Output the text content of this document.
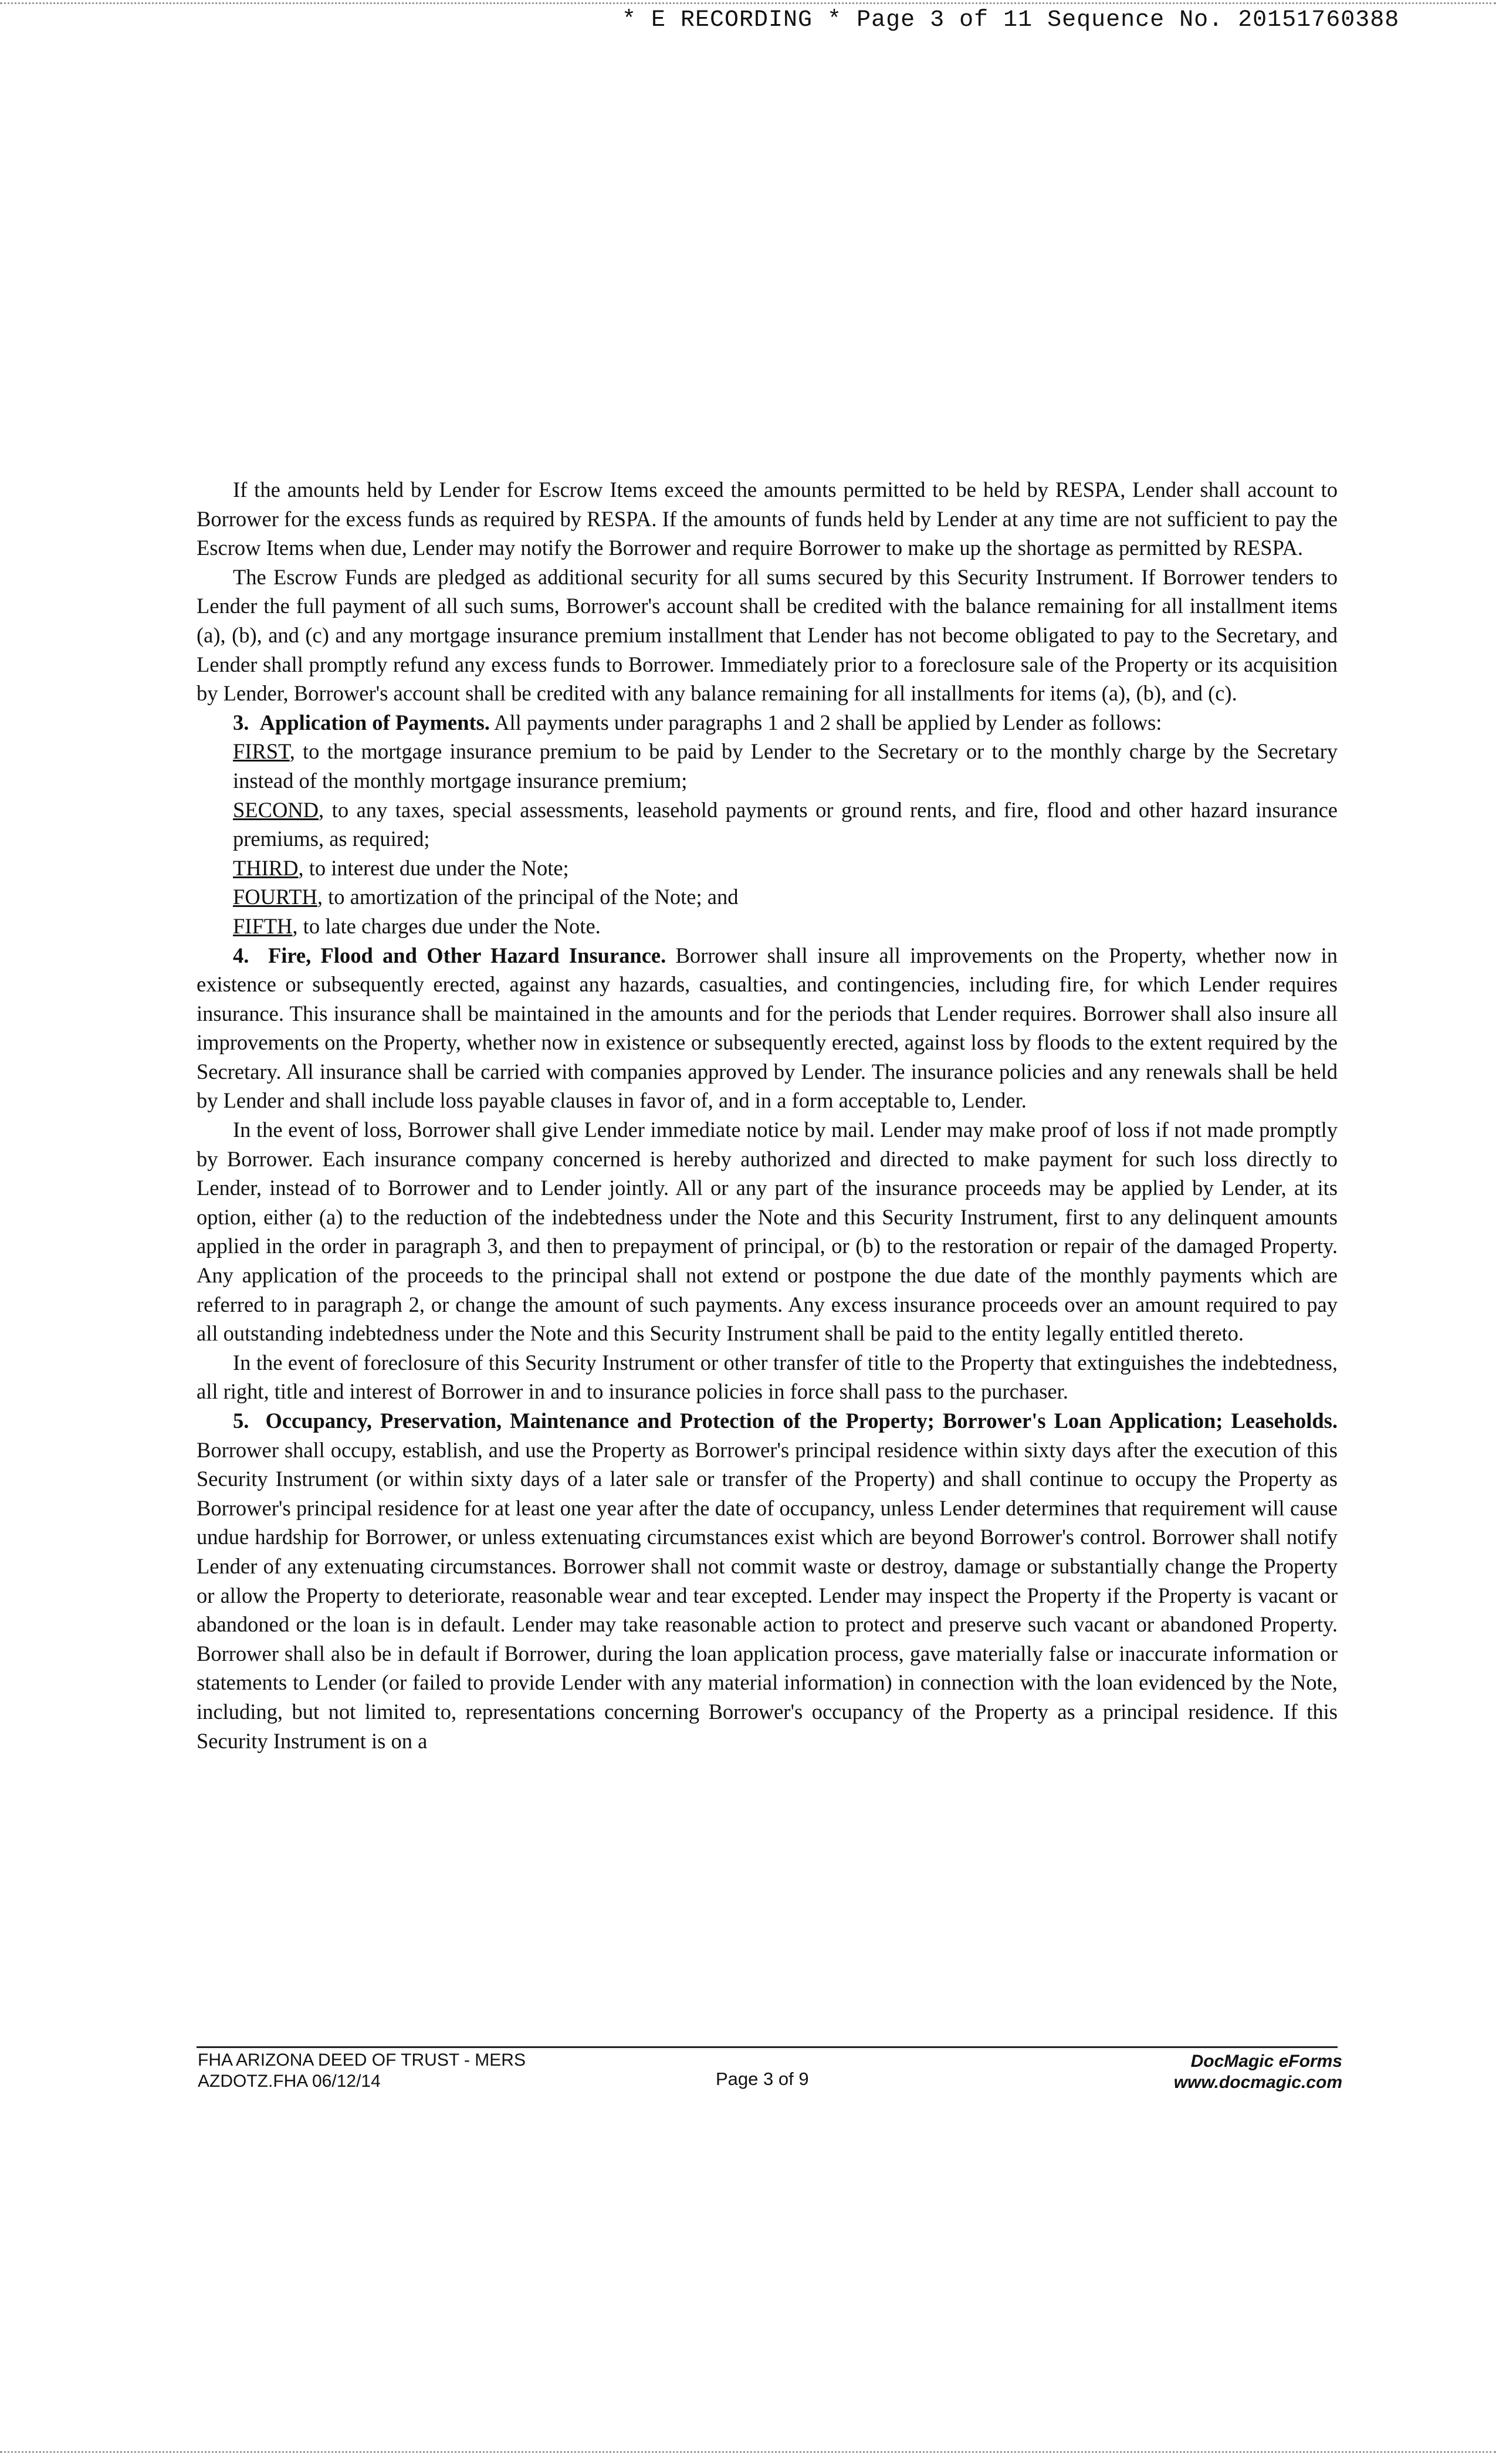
* E RECORDING * Page 3 of 11 Sequence No. 20151760388

If the amounts held by Lender for Escrow Items exceed the amounts permitted to be held by RESPA, Lender shall account to Borrower for the excess funds as required by RESPA. If the amounts of funds held by Lender at any time are not sufficient to pay the Escrow Items when due, Lender may notify the Borrower and require Borrower to make up the shortage as permitted by RESPA.

The Escrow Funds are pledged as additional security for all sums secured by this Security Instrument. If Borrower tenders to Lender the full payment of all such sums, Borrower's account shall be credited with the balance remaining for all installment items (a), (b), and (c) and any mortgage insurance premium installment that Lender has not become obligated to pay to the Secretary, and Lender shall promptly refund any excess funds to Borrower. Immediately prior to a foreclosure sale of the Property or its acquisition by Lender, Borrower's account shall be credited with any balance remaining for all installments for items (a), (b), and (c).

3. Application of Payments. All payments under paragraphs 1 and 2 shall be applied by Lender as follows:

FIRST, to the mortgage insurance premium to be paid by Lender to the Secretary or to the monthly charge by the Secretary instead of the monthly mortgage insurance premium;

SECOND, to any taxes, special assessments, leasehold payments or ground rents, and fire, flood and other hazard insurance premiums, as required;

THIRD, to interest due under the Note;

FOURTH, to amortization of the principal of the Note; and

FIFTH, to late charges due under the Note.

4. Fire, Flood and Other Hazard Insurance. Borrower shall insure all improvements on the Property, whether now in existence or subsequently erected, against any hazards, casualties, and contingencies, including fire, for which Lender requires insurance. This insurance shall be maintained in the amounts and for the periods that Lender requires. Borrower shall also insure all improvements on the Property, whether now in existence or subsequently erected, against loss by floods to the extent required by the Secretary. All insurance shall be carried with companies approved by Lender. The insurance policies and any renewals shall be held by Lender and shall include loss payable clauses in favor of, and in a form acceptable to, Lender.

In the event of loss, Borrower shall give Lender immediate notice by mail. Lender may make proof of loss if not made promptly by Borrower. Each insurance company concerned is hereby authorized and directed to make payment for such loss directly to Lender, instead of to Borrower and to Lender jointly. All or any part of the insurance proceeds may be applied by Lender, at its option, either (a) to the reduction of the indebtedness under the Note and this Security Instrument, first to any delinquent amounts applied in the order in paragraph 3, and then to prepayment of principal, or (b) to the restoration or repair of the damaged Property. Any application of the proceeds to the principal shall not extend or postpone the due date of the monthly payments which are referred to in paragraph 2, or change the amount of such payments. Any excess insurance proceeds over an amount required to pay all outstanding indebtedness under the Note and this Security Instrument shall be paid to the entity legally entitled thereto.

In the event of foreclosure of this Security Instrument or other transfer of title to the Property that extinguishes the indebtedness, all right, title and interest of Borrower in and to insurance policies in force shall pass to the purchaser.

5. Occupancy, Preservation, Maintenance and Protection of the Property; Borrower's Loan Application; Leaseholds. Borrower shall occupy, establish, and use the Property as Borrower's principal residence within sixty days after the execution of this Security Instrument (or within sixty days of a later sale or transfer of the Property) and shall continue to occupy the Property as Borrower's principal residence for at least one year after the date of occupancy, unless Lender determines that requirement will cause undue hardship for Borrower, or unless extenuating circumstances exist which are beyond Borrower's control. Borrower shall notify Lender of any extenuating circumstances. Borrower shall not commit waste or destroy, damage or substantially change the Property or allow the Property to deteriorate, reasonable wear and tear excepted. Lender may inspect the Property if the Property is vacant or abandoned or the loan is in default. Lender may take reasonable action to protect and preserve such vacant or abandoned Property. Borrower shall also be in default if Borrower, during the loan application process, gave materially false or inaccurate information or statements to Lender (or failed to provide Lender with any material information) in connection with the loan evidenced by the Note, including, but not limited to, representations concerning Borrower's occupancy of the Property as a principal residence. If this Security Instrument is on a

FHA ARIZONA DEED OF TRUST - MERS
AZDOTZ.FHA 06/12/14	Page 3 of 9
DocMagic eForms
www.docmagic.com
